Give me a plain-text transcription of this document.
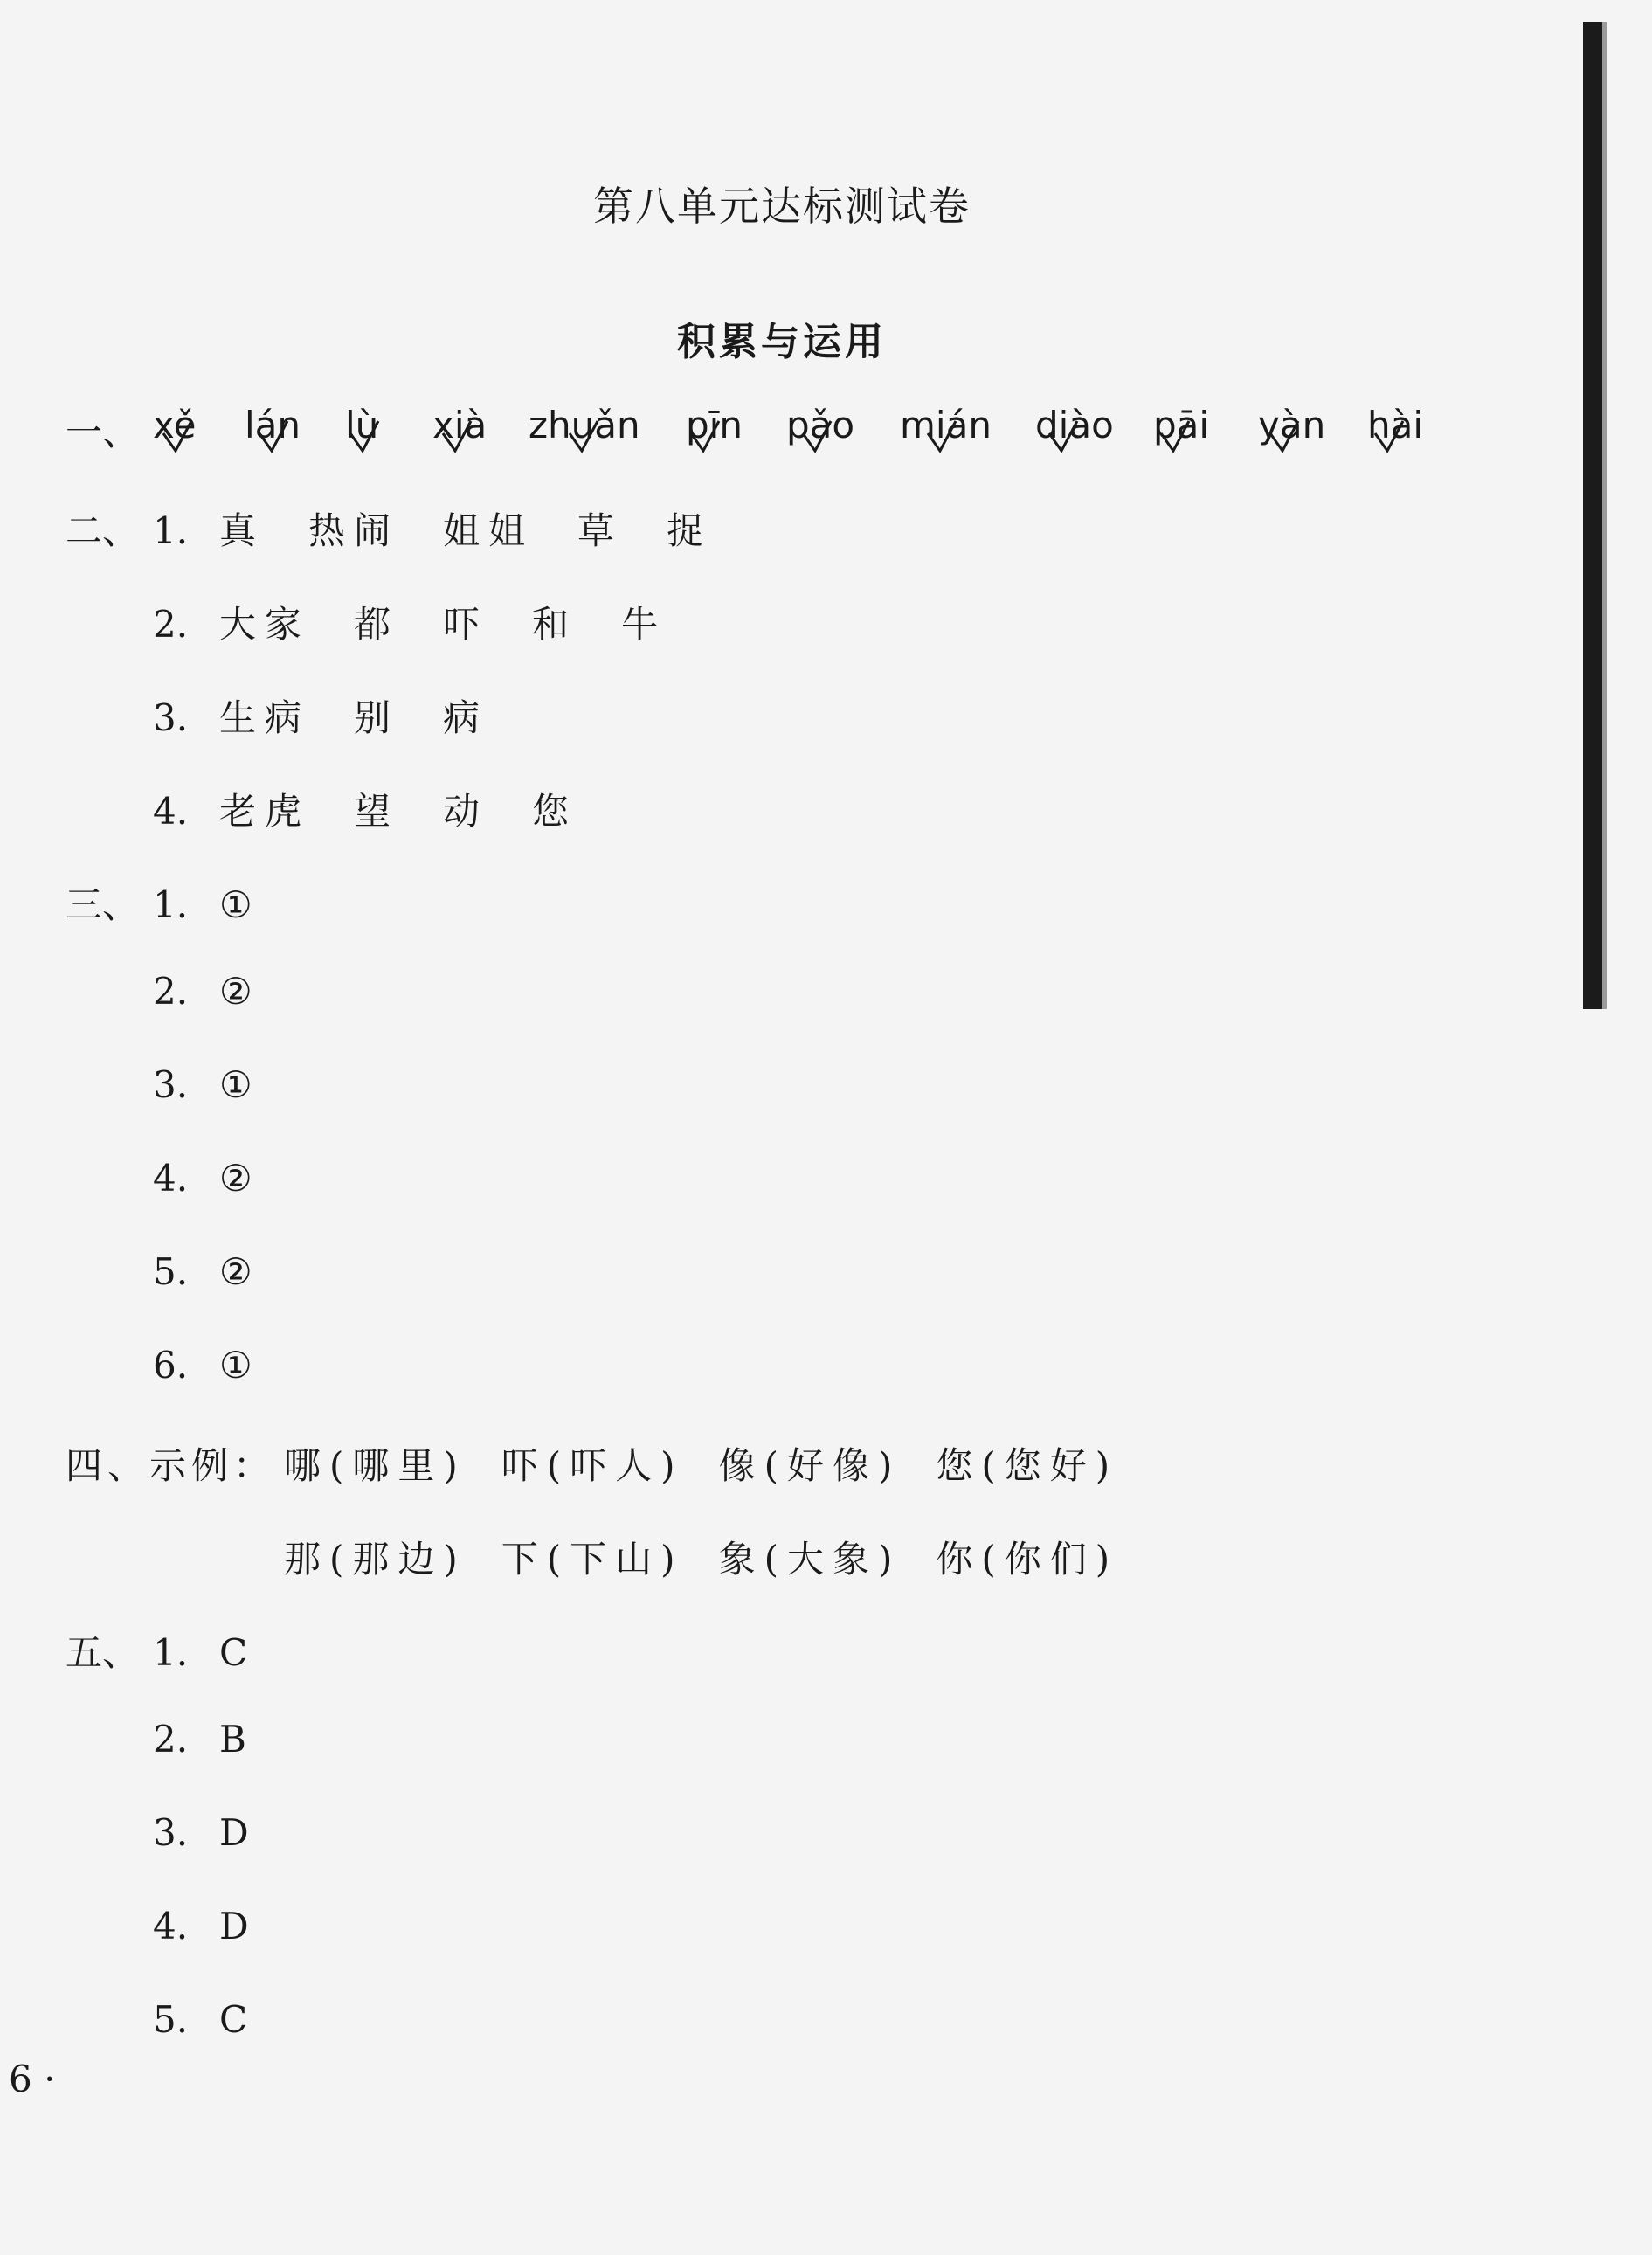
第八单元达标测试卷
积累与运用
一、 xě lán lù xià zhuǎn pīn pǎo mián diào pāi yàn hài
二、 1. 真 热闹 姐姐 草 捉
2. 大家 都 吓 和 牛
3. 生病 别 病
4. 老虎 望 动 您
三、 1. ①
2. ②
3. ①
4. ②
5. ②
6. ①
四、示例： 哪(哪里) 吓(吓人) 像(好像) 您(您好)
那(那边) 下(下山) 象(大象) 你(你们)
五、 1. C
2. B
3. D
4. D
5. C
6 ·
